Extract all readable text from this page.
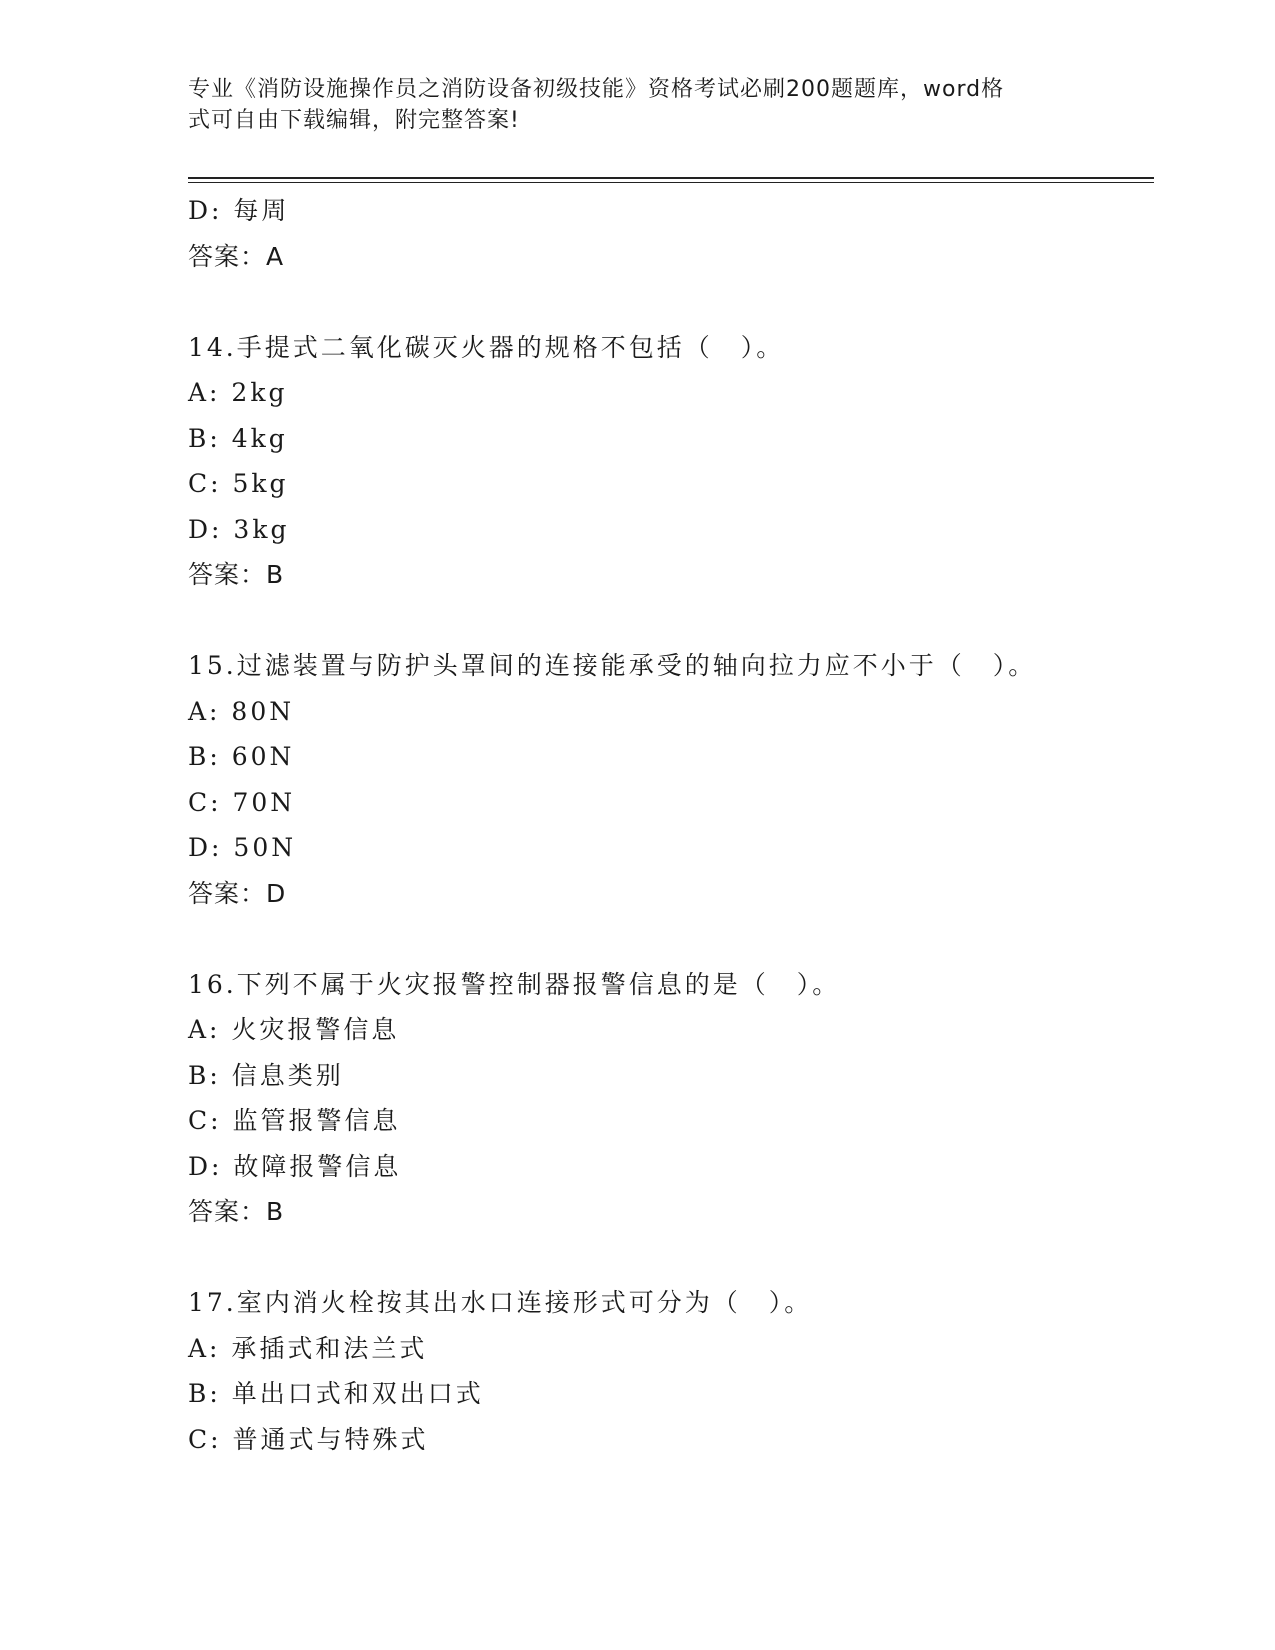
专业《消防设施操作员之消防设备初级技能》资格考试必刷200题题库，word格
式可自由下载编辑，附完整答案!
D: 每周
答案：A
14.手提式二氧化碳灭火器的规格不包括（　）。
A: 2kg
B: 4kg
C: 5kg
D: 3kg
答案：B
15.过滤装置与防护头罩间的连接能承受的轴向拉力应不小于（　）。
A: 80N
B: 60N
C: 70N
D: 50N
答案：D
16.下列不属于火灾报警控制器报警信息的是（　）。
A: 火灾报警信息
B: 信息类别
C: 监管报警信息
D: 故障报警信息
答案：B
17.室内消火栓按其出水口连接形式可分为（　）。
A: 承插式和法兰式
B: 单出口式和双出口式
C: 普通式与特殊式
